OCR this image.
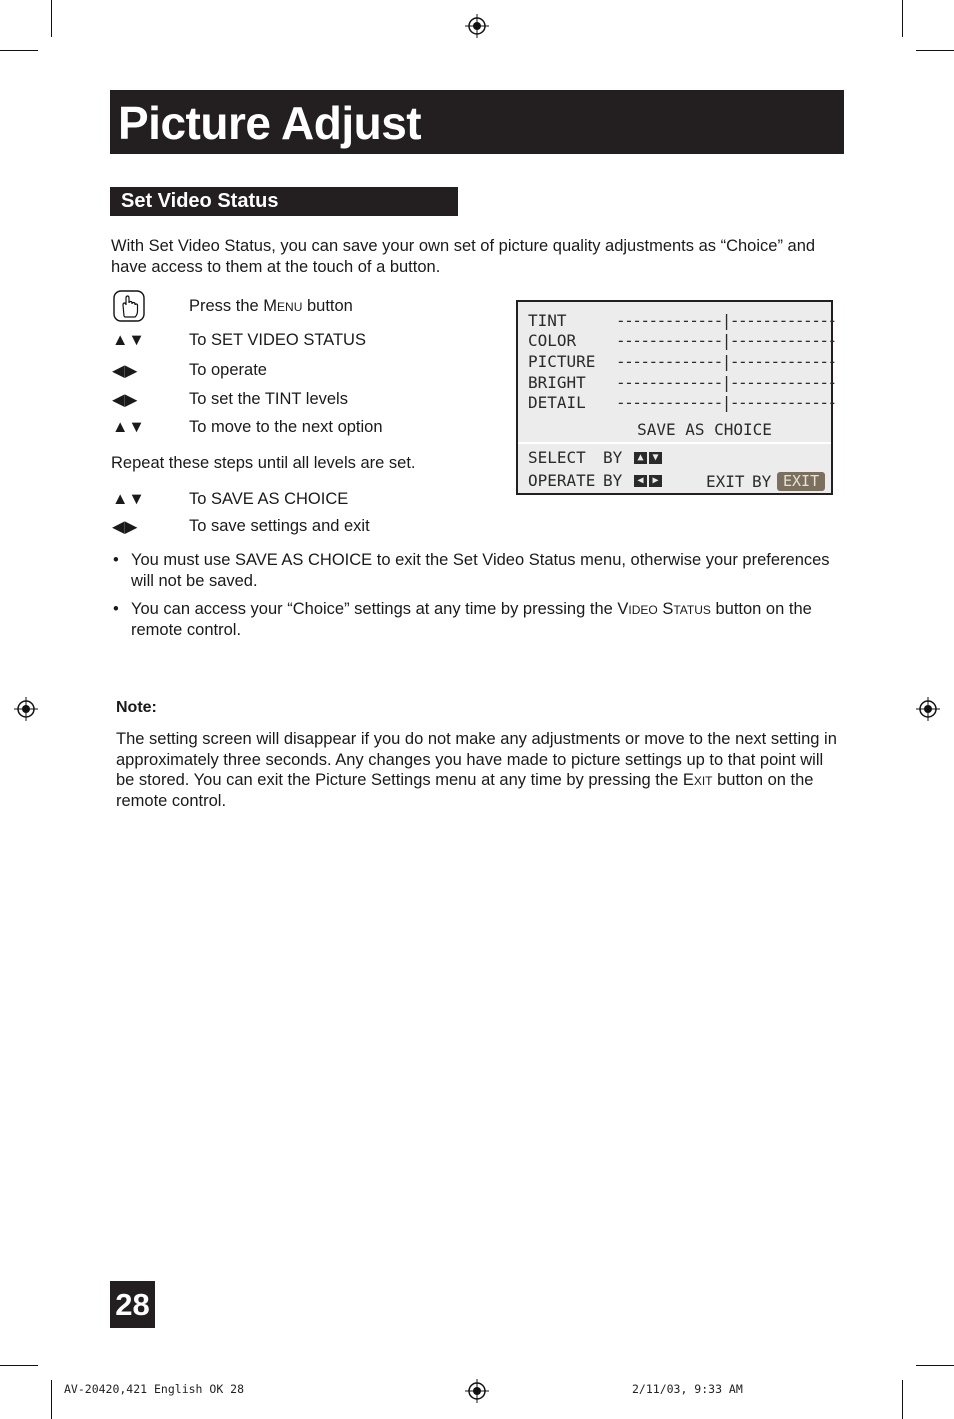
Picture Adjust
Set Video Status
With Set Video Status, you can save your own set of picture quality adjustments as “Choice” and have access to them at the touch of a button.
Press the Menu button
▲▼	To SET VIDEO STATUS
◀▶	To operate
◀▶	To set the TINT levels
▲▼	To move to the next option
Repeat these steps until all levels are set.
▲▼	To SAVE AS CHOICE
◀▶	To save settings and exit
• You must use SAVE AS CHOICE to exit the Set Video Status menu, otherwise your preferences will not be saved.
• You can access your “Choice” settings at any time by pressing the Video Status button on the remote control.
Note:
The setting screen will disappear if you do not make any adjustments or move to the next setting in approximately three seconds. Any changes you have made to picture settings up to that point will be stored. You can exit the Picture Settings menu at any time by pressing the Exit button on the remote control.
TINT	-------------|-------------
COLOR -------------|-------------
PICTURE -------------|-------------
BRIGHT -------------|-------------
DETAIL -------------|-------------
SAVE AS CHOICE
SELECT BY	▲ ▼
OPERATE BY	◀ ▶	EXIT BY EXIT
28
AV-20420,421 English OK 28	2/11/03, 9:33 AM
